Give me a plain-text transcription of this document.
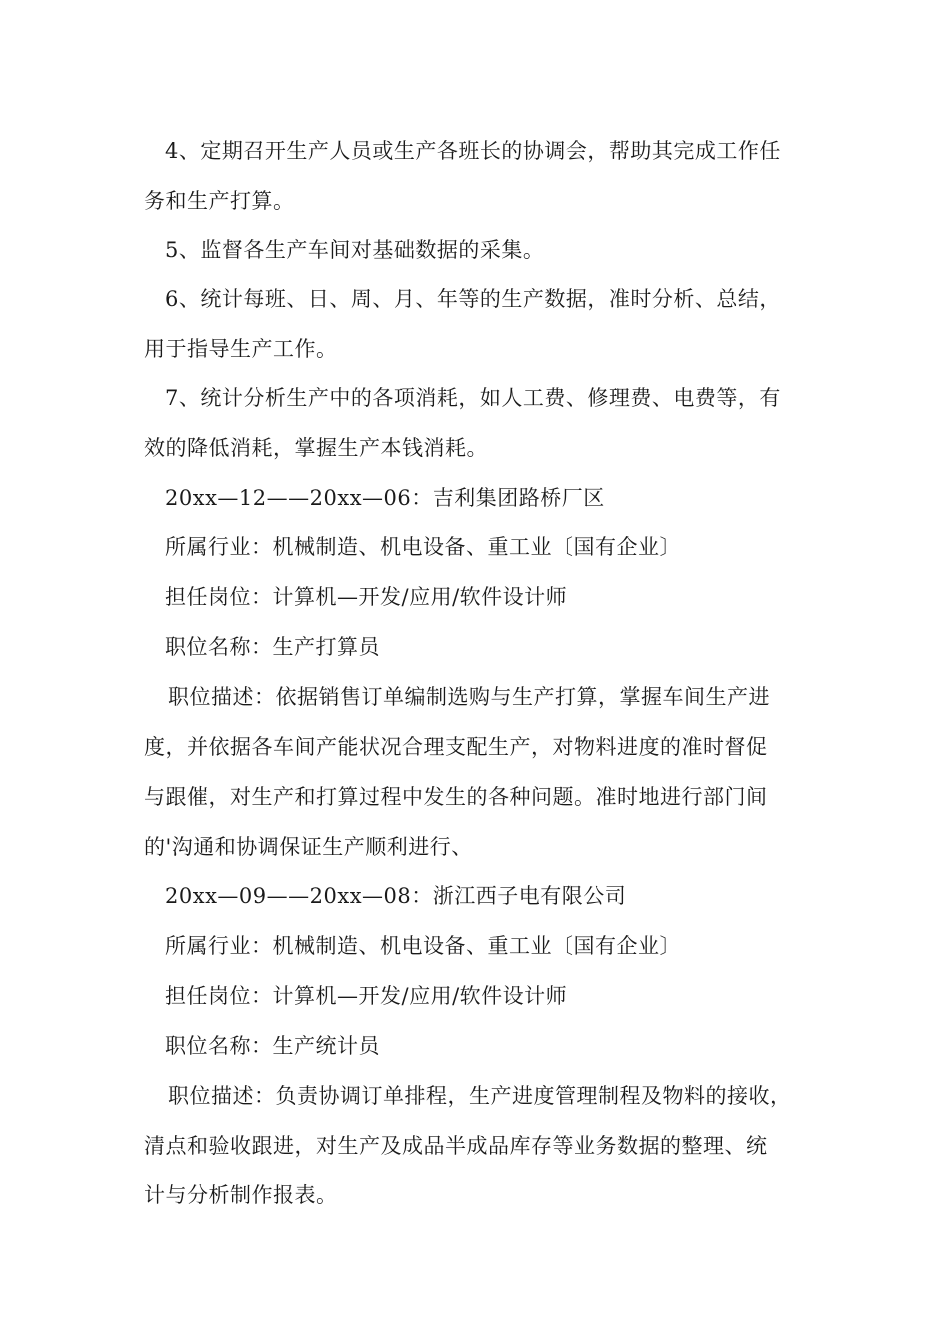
4、定期召开生产人员或生产各班长的协调会，帮助其完成工作任
务和生产打算。
5、监督各生产车间对基础数据的采集。
6、统计每班、日、周、月、年等的生产数据，准时分析、总结，
用于指导生产工作。
7、统计分析生产中的各项消耗，如人工费、修理费、电费等，有
效的降低消耗，掌握生产本钱消耗。
20xx—12——20xx—06：吉利集团路桥厂区
所属行业：机械制造、机电设备、重工业〔国有企业〕
担任岗位：计算机—开发/应用/软件设计师
职位名称：生产打算员
职位描述：依据销售订单编制选购与生产打算，掌握车间生产进
度，并依据各车间产能状况合理支配生产，对物料进度的准时督促
与跟催，对生产和打算过程中发生的各种问题。准时地进行部门间
的'沟通和协调保证生产顺利进行、
20xx—09——20xx—08：浙江西子电有限公司
所属行业：机械制造、机电设备、重工业〔国有企业〕
担任岗位：计算机—开发/应用/软件设计师
职位名称：生产统计员
职位描述：负责协调订单排程，生产进度管理制程及物料的接收，
清点和验收跟进，对生产及成品半成品库存等业务数据的整理、统
计与分析制作报表。
